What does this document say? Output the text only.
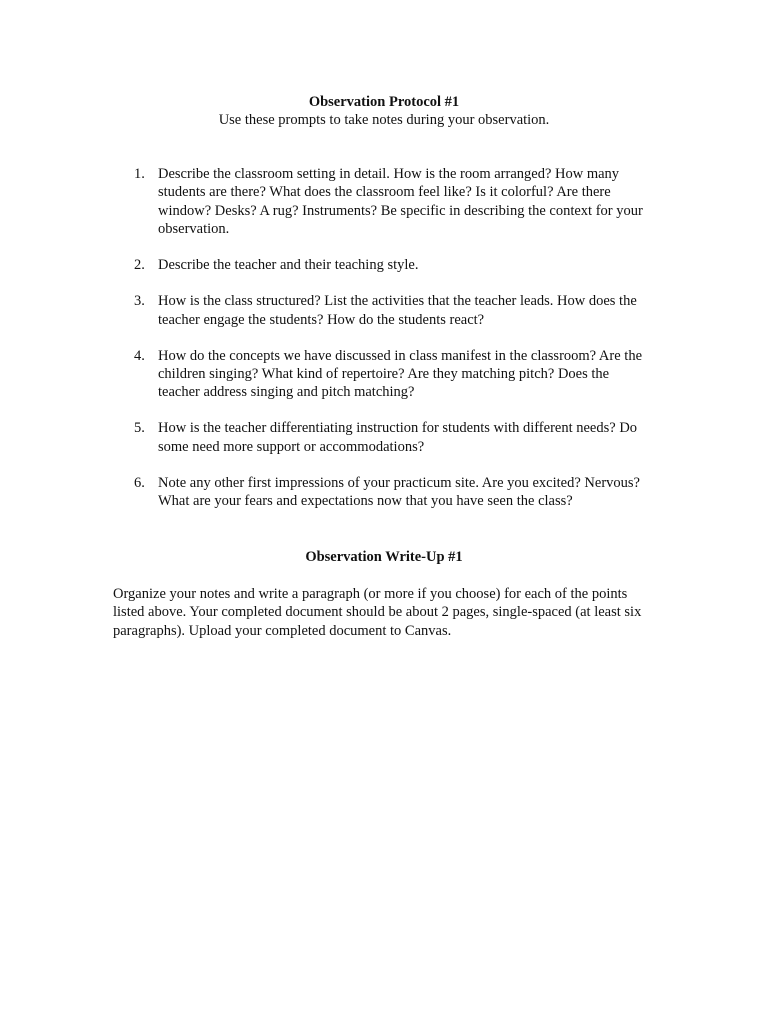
Observation Protocol #1
Use these prompts to take notes during your observation.
1. Describe the classroom setting in detail. How is the room arranged? How many students are there? What does the classroom feel like? Is it colorful? Are there window? Desks? A rug? Instruments? Be specific in describing the context for your observation.
2. Describe the teacher and their teaching style.
3. How is the class structured? List the activities that the teacher leads. How does the teacher engage the students? How do the students react?
4. How do the concepts we have discussed in class manifest in the classroom? Are the children singing? What kind of repertoire? Are they matching pitch? Does the teacher address singing and pitch matching?
5. How is the teacher differentiating instruction for students with different needs? Do some need more support or accommodations?
6. Note any other first impressions of your practicum site. Are you excited? Nervous? What are your fears and expectations now that you have seen the class?
Observation Write-Up #1

Organize your notes and write a paragraph (or more if you choose) for each of the points listed above. Your completed document should be about 2 pages, single-spaced (at least six paragraphs). Upload your completed document to Canvas.
